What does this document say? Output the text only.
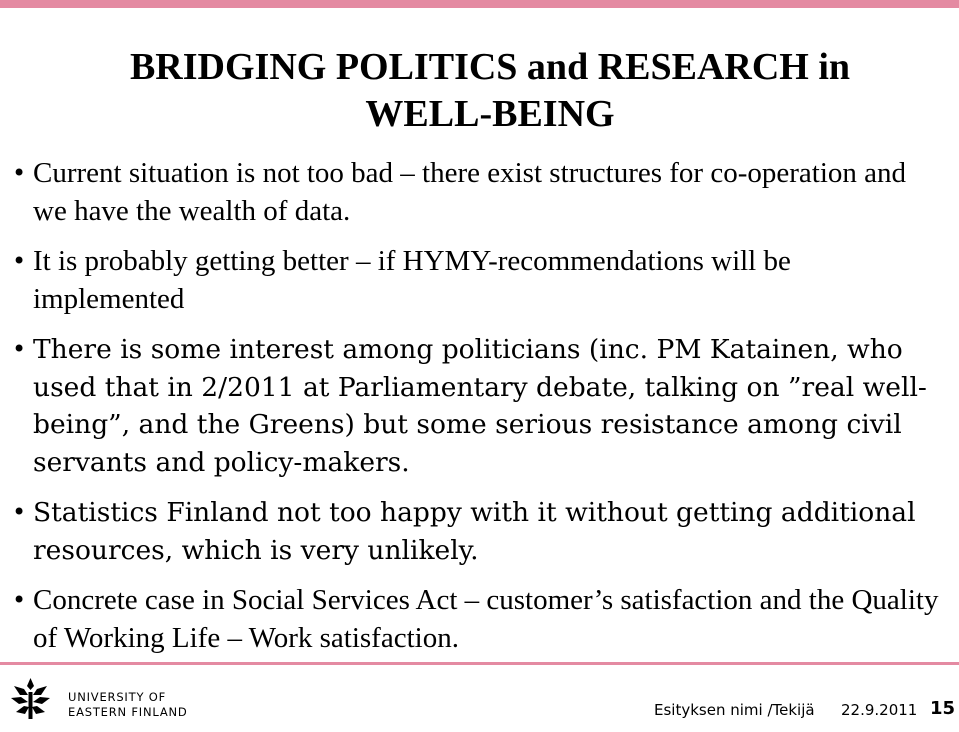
BRIDGING POLITICS and RESEARCH in
WELL-BEING
• Current situation is not too bad – there exist structures for co-operation and we have the wealth of data.
• It is probably getting better – if HYMY-recommendations will be implemented
• There is some interest among politicians (inc. PM Katainen, who used that in 2/2011 at Parliamentary debate, talking on ”real well-being”, and the Greens) but some serious resistance among civil servants and policy-makers.
• Statistics Finland not too happy with it without getting additional resources, which is very unlikely.
• Concrete case in Social Services Act – customer’s satisfaction and the Quality of Working Life – Work satisfaction.
UNIVERSITY OF
EASTERN FINLAND	Esityksen nimi /Tekijä 22.9.2011 15
